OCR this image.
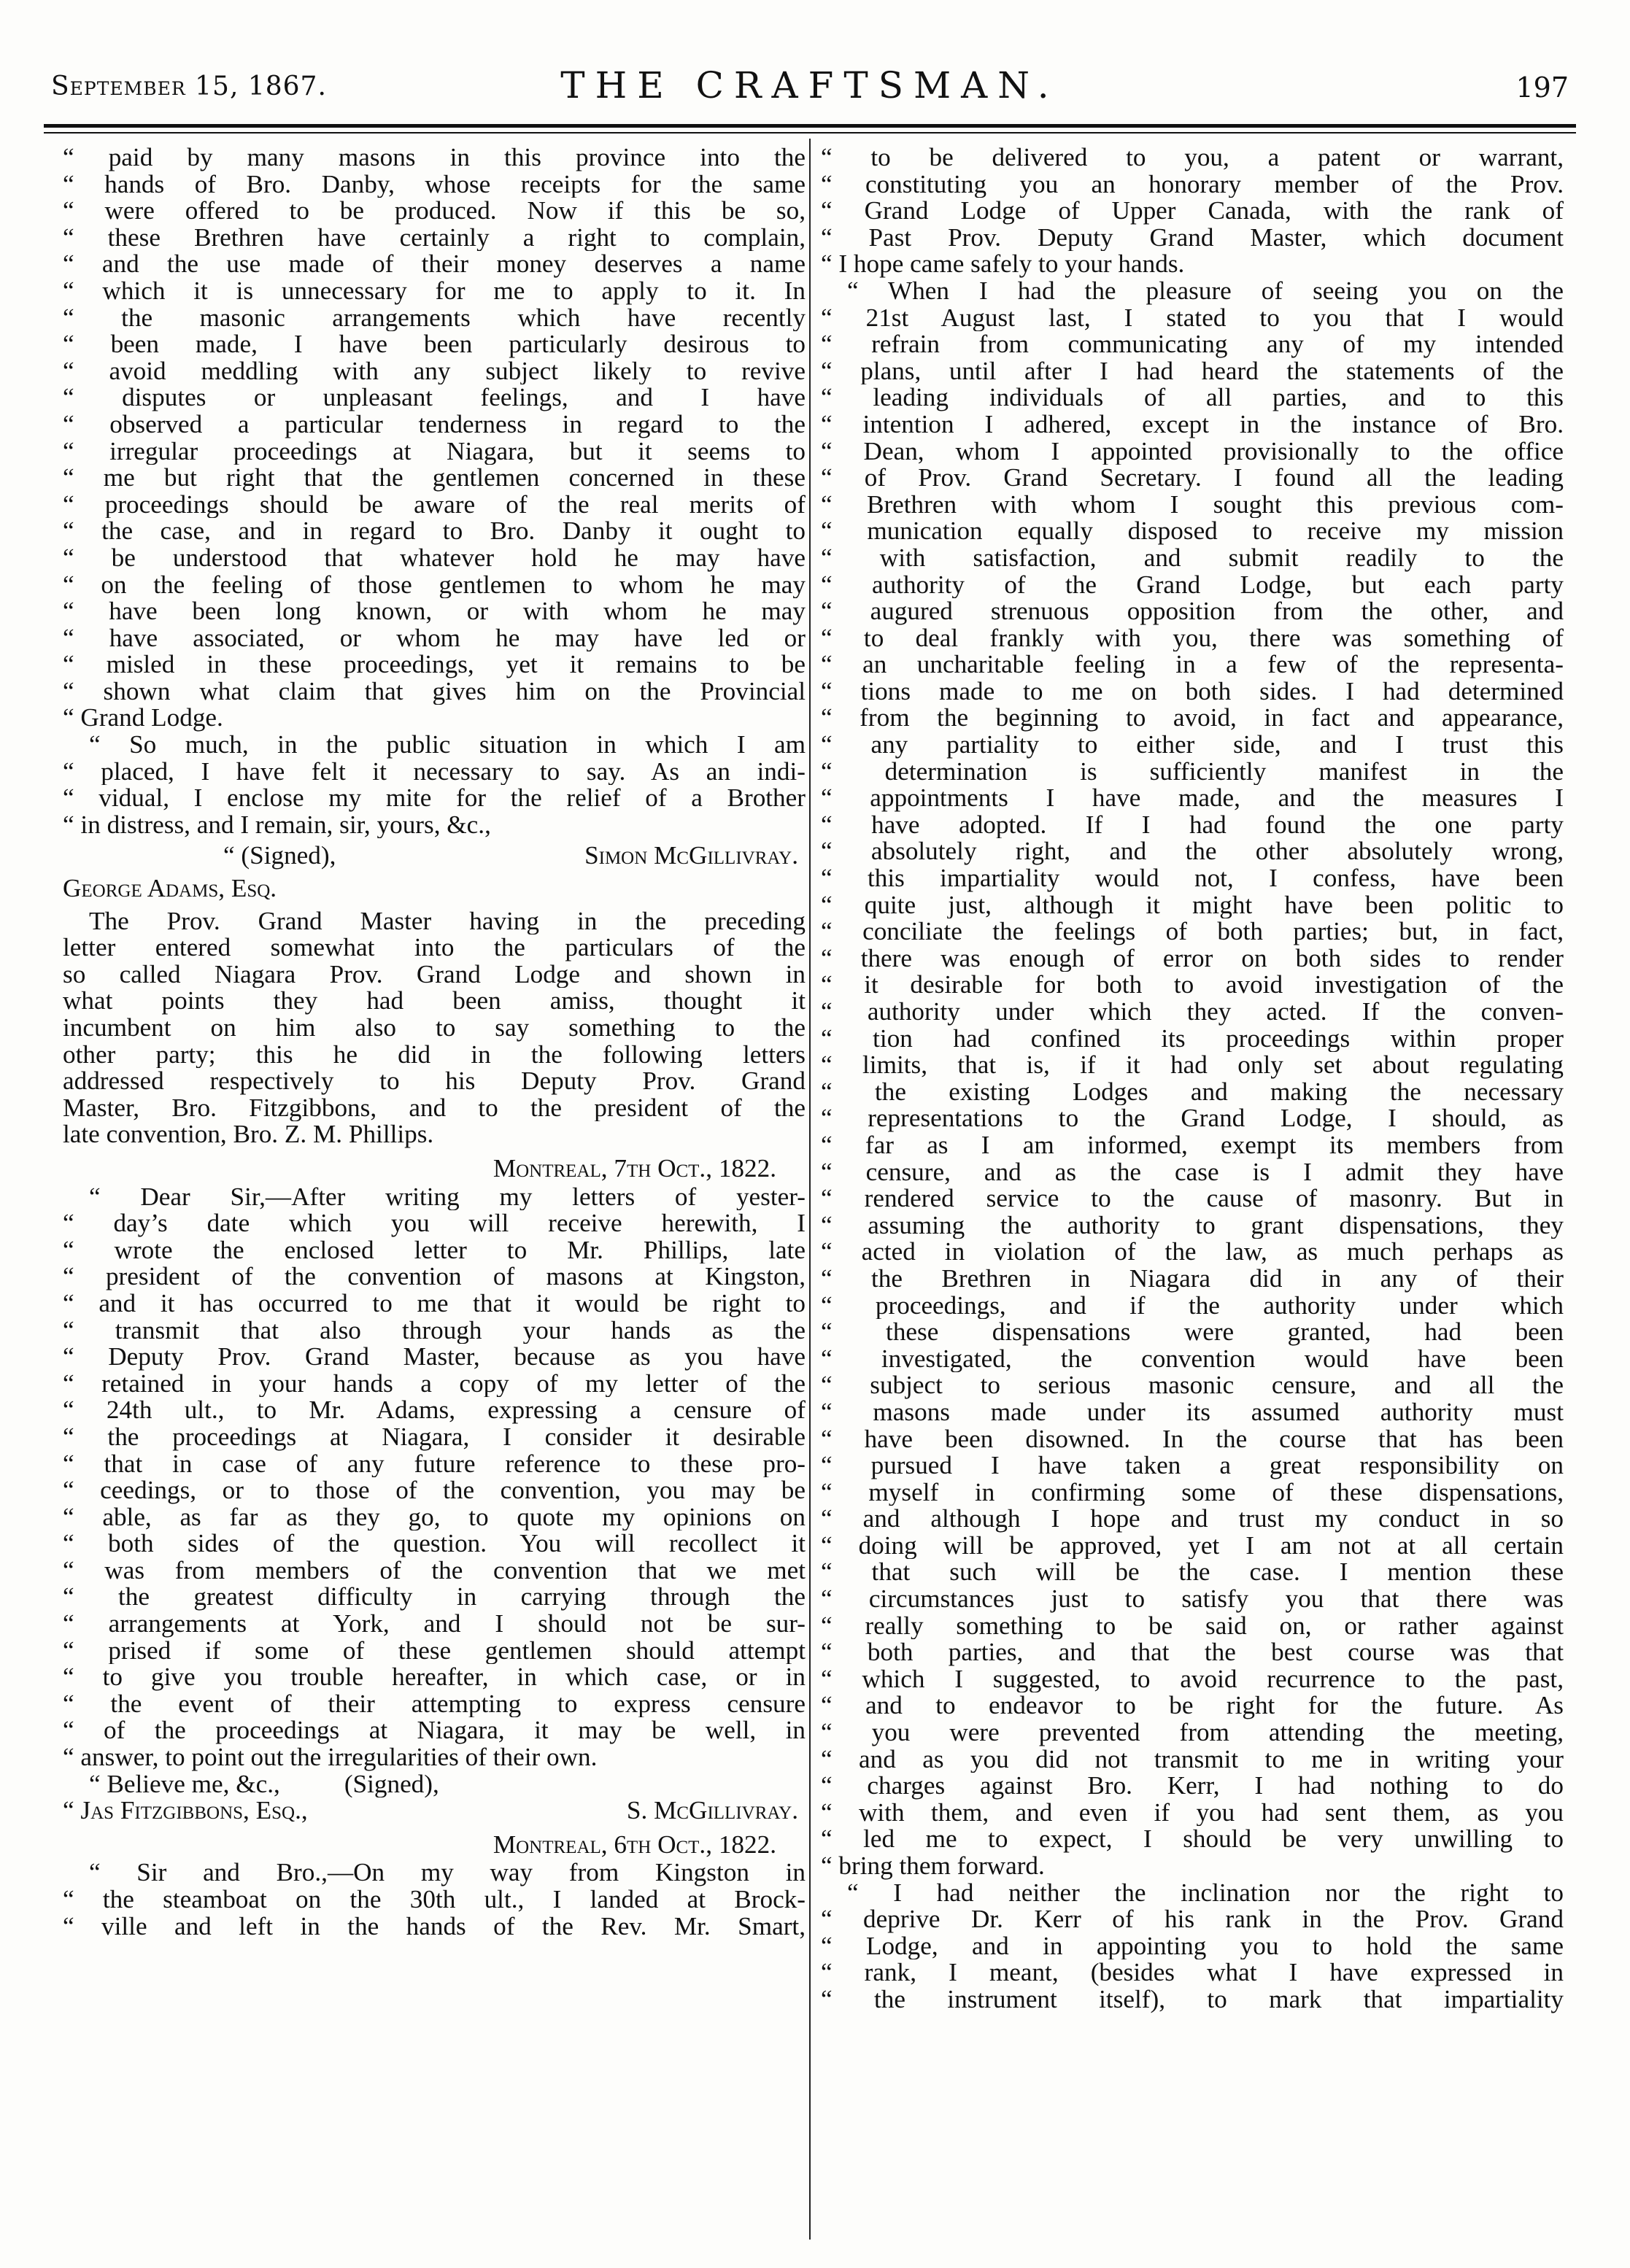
September 15, 1867.	THE CRAFTSMAN.	197
“ paid by many masons in this province into the
“ hands of Bro. Danby, whose receipts for the same
“ were offered to be produced. Now if this be so,
“ these Brethren have certainly a right to complain,
“ and the use made of their money deserves a name
“ which it is unnecessary for me to apply to it. In
“ the masonic arrangements which have recently
“ been made, I have been particularly desirous to
“ avoid meddling with any subject likely to revive
“ disputes or unpleasant feelings, and I have
“ observed a particular tenderness in regard to the
“ irregular proceedings at Niagara, but it seems to
“ me but right that the gentlemen concerned in these
“ proceedings should be aware of the real merits of
“ the case, and in regard to Bro. Danby it ought to
“ be understood that whatever hold he may have
“ on the feeling of those gentlemen to whom he may
“ have been long known, or with whom he may
“ have associated, or whom he may have led or
“ misled in these proceedings, yet it remains to be
“ shown what claim that gives him on the Provincial
“ Grand Lodge.
“ So much, in the public situation in which I am
“ placed, I have felt it necessary to say. As an indi-
“ vidual, I enclose my mite for the relief of a Brother
“ in distress, and I remain, sir, yours, &c.,
“ (Signed),	Simon McGillivray.
George Adams, Esq.
The Prov. Grand Master having in the preceding
letter entered somewhat into the particulars of the
so called Niagara Prov. Grand Lodge and shown in
what points they had been amiss, thought it
incumbent on him also to say something to the
other party; this he did in the following letters
addressed respectively to his Deputy Prov. Grand
Master, Bro. Fitzgibbons, and to the president of the
late convention, Bro. Z. M. Phillips.
Montreal, 7th Oct., 1822.
“ Dear Sir,—After writing my letters of yester-
“ day’s date which you will receive herewith, I
“ wrote the enclosed letter to Mr. Phillips, late
“ president of the convention of masons at Kingston,
“ and it has occurred to me that it would be right to
“ transmit that also through your hands as the
“ Deputy Prov. Grand Master, because as you have
“ retained in your hands a copy of my letter of the
“ 24th ult., to Mr. Adams, expressing a censure of
“ the proceedings at Niagara, I consider it desirable
“ that in case of any future reference to these pro-
“ ceedings, or to those of the convention, you may be
“ able, as far as they go, to quote my opinions on
“ both sides of the question. You will recollect it
“ was from members of the convention that we met
“ the greatest difficulty in carrying through the
“ arrangements at York, and I should not be sur-
“ prised if some of these gentlemen should attempt
“ to give you trouble hereafter, in which case, or in
“ the event of their attempting to express censure
“ of the proceedings at Niagara, it may be well, in
“ answer, to point out the irregularities of their own.
“ Believe me, &c.,          (Signed),
“ Jas Fitzgibbons, Esq.,	S. McGillivray.
Montreal, 6th Oct., 1822.
“ Sir and Bro.,—On my way from Kingston in
“ the steamboat on the 30th ult., I landed at Brock-
“ ville and left in the hands of the Rev. Mr. Smart,
“ to be delivered to you, a patent or warrant,
“ constituting you an honorary member of the Prov.
“ Grand Lodge of Upper Canada, with the rank of
“ Past Prov. Deputy Grand Master, which document
“ I hope came safely to your hands.
“ When I had the pleasure of seeing you on the
“ 21st August last, I stated to you that I would
“ refrain from communicating any of my intended
“ plans, until after I had heard the statements of the
“ leading individuals of all parties, and to this
“ intention I adhered, except in the instance of Bro.
“ Dean, whom I appointed provisionally to the office
“ of Prov. Grand Secretary. I found all the leading
“ Brethren with whom I sought this previous com-
“ munication equally disposed to receive my mission
“ with satisfaction, and submit readily to the
“ authority of the Grand Lodge, but each party
“ augured strenuous opposition from the other, and
“ to deal frankly with you, there was something of
“ an uncharitable feeling in a few of the representa-
“ tions made to me on both sides. I had determined
“ from the beginning to avoid, in fact and appearance,
“ any partiality to either side, and I trust this
“ determination is sufficiently manifest in the
“ appointments I have made, and the measures I
“ have adopted. If I had found the one party
“ absolutely right, and the other absolutely wrong,
“ this impartiality would not, I confess, have been
“ quite just, although it might have been politic to
“ conciliate the feelings of both parties; but, in fact,
“ there was enough of error on both sides to render
“ it desirable for both to avoid investigation of the
“ authority under which they acted. If the conven-
“ tion had confined its proceedings within proper
“ limits, that is, if it had only set about regulating
“ the existing Lodges and making the necessary
“ representations to the Grand Lodge, I should, as
“ far as I am informed, exempt its members from
“ censure, and as the case is I admit they have
“ rendered service to the cause of masonry. But in
“ assuming the authority to grant dispensations, they
“ acted in violation of the law, as much perhaps as
“ the Brethren in Niagara did in any of their
“ proceedings, and if the authority under which
“ these dispensations were granted, had been
“ investigated, the convention would have been
“ subject to serious masonic censure, and all the
“ masons made under its assumed authority must
“ have been disowned. In the course that has been
“ pursued I have taken a great responsibility on
“ myself in confirming some of these dispensations,
“ and although I hope and trust my conduct in so
“ doing will be approved, yet I am not at all certain
“ that such will be the case. I mention these
“ circumstances just to satisfy you that there was
“ really something to be said on, or rather against
“ both parties, and that the best course was that
“ which I suggested, to avoid recurrence to the past,
“ and to endeavor to be right for the future. As
“ you were prevented from attending the meeting,
“ and as you did not transmit to me in writing your
“ charges against Bro. Kerr, I had nothing to do
“ with them, and even if you had sent them, as you
“ led me to expect, I should be very unwilling to
“ bring them forward.
“ I had neither the inclination nor the right to
“ deprive Dr. Kerr of his rank in the Prov. Grand
“ Lodge, and in appointing you to hold the same
“ rank, I meant, (besides what I have expressed in
“ the instrument itself), to mark that impartiality
